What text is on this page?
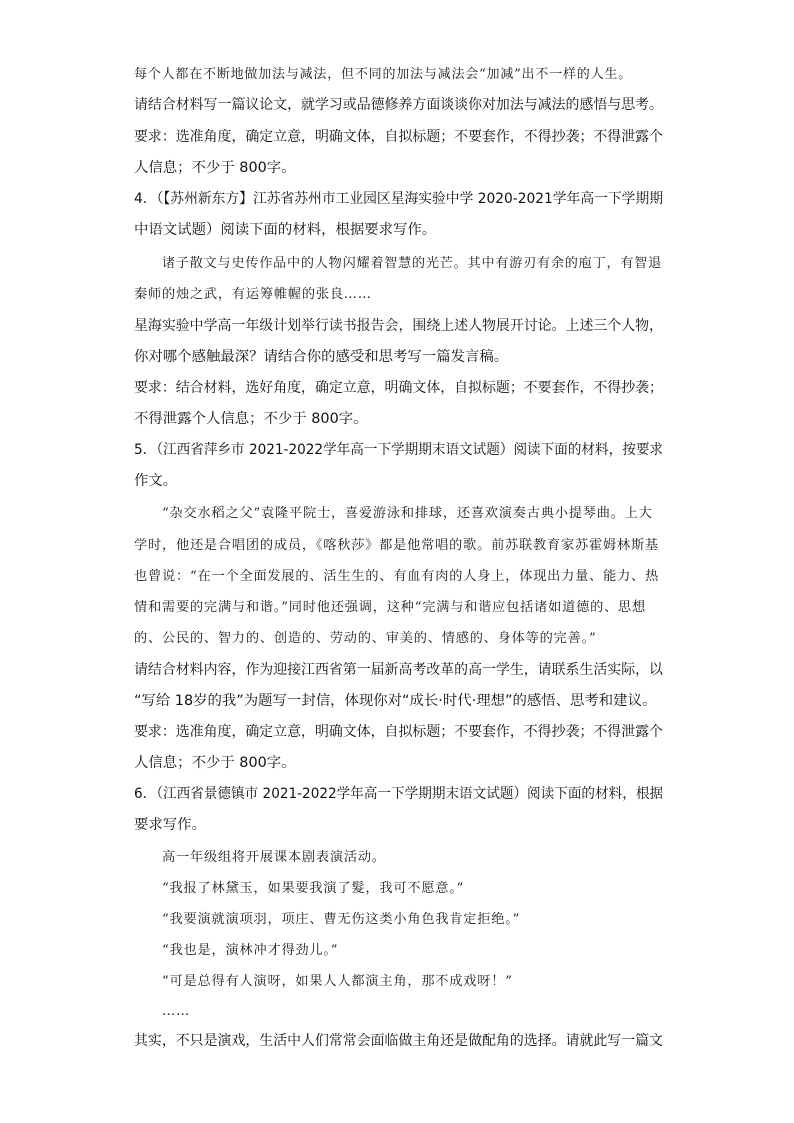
每个人都在不断地做加法与减法，但不同的加法与减法会“加减”出不一样的人生。
请结合材料写一篇议论文，就学习或品德修养方面谈谈你对加法与减法的感悟与思考。
要求：选准角度，确定立意，明确文体，自拟标题；不要套作，不得抄袭；不得泄露个
人信息；不少于 800字。
4．（【苏州新东方】江苏省苏州市工业园区星海实验中学 2020-2021学年高一下学期期
中语文试题）阅读下面的材料，根据要求写作。
诸子散文与史传作品中的人物闪耀着智慧的光芒。其中有游刃有余的庖丁，有智退
秦师的烛之武，有运筹帷幄的张良……
星海实验中学高一年级计划举行读书报告会，围绕上述人物展开讨论。上述三个人物，
你对哪个感触最深？请结合你的感受和思考写一篇发言稿。
要求：结合材料，选好角度，确定立意，明确文体，自拟标题；不要套作，不得抄袭；
不得泄露个人信息；不少于 800字。
5．（江西省萍乡市 2021-2022学年高一下学期期末语文试题）阅读下面的材料，按要求
作文。
“杂交水稻之父”袁隆平院士，喜爱游泳和排球，还喜欢演奏古典小提琴曲。上大
学时，他还是合唱团的成员，《喀秋莎》都是他常唱的歌。前苏联教育家苏霍姆林斯基
也曾说：“在一个全面发展的、活生生的、有血有肉的人身上，体现出力量、能力、热
情和需要的完满与和谐。”同时他还强调，这种“完满与和谐应包括诸如道德的、思想
的、公民的、智力的、创造的、劳动的、审美的、情感的、身体等的完善。”
请结合材料内容，作为迎接江西省第一届新高考改革的高一学生，请联系生活实际，以
“写给 18岁的我”为题写一封信，体现你对“成长·时代·理想”的感悟、思考和建议。
要求：选准角度，确定立意，明确文体，自拟标题；不要套作，不得抄袭；不得泄露个
人信息；不少于 800字。
6．（江西省景德镇市 2021-2022学年高一下学期期末语文试题）阅读下面的材料，根据
要求写作。
高一年级组将开展课本剧表演活动。
“我报了林黛玉，如果要我演了髮，我可不愿意。”
“我要演就演项羽，项庄、曹无伤这类小角色我肯定拒绝。”
“我也是，演林冲才得劲儿。”
“可是总得有人演呀，如果人人都演主角，那不成戏呀！”
……
其实，不只是演戏，生活中人们常常会面临做主角还是做配角的选择。请就此写一篇文
